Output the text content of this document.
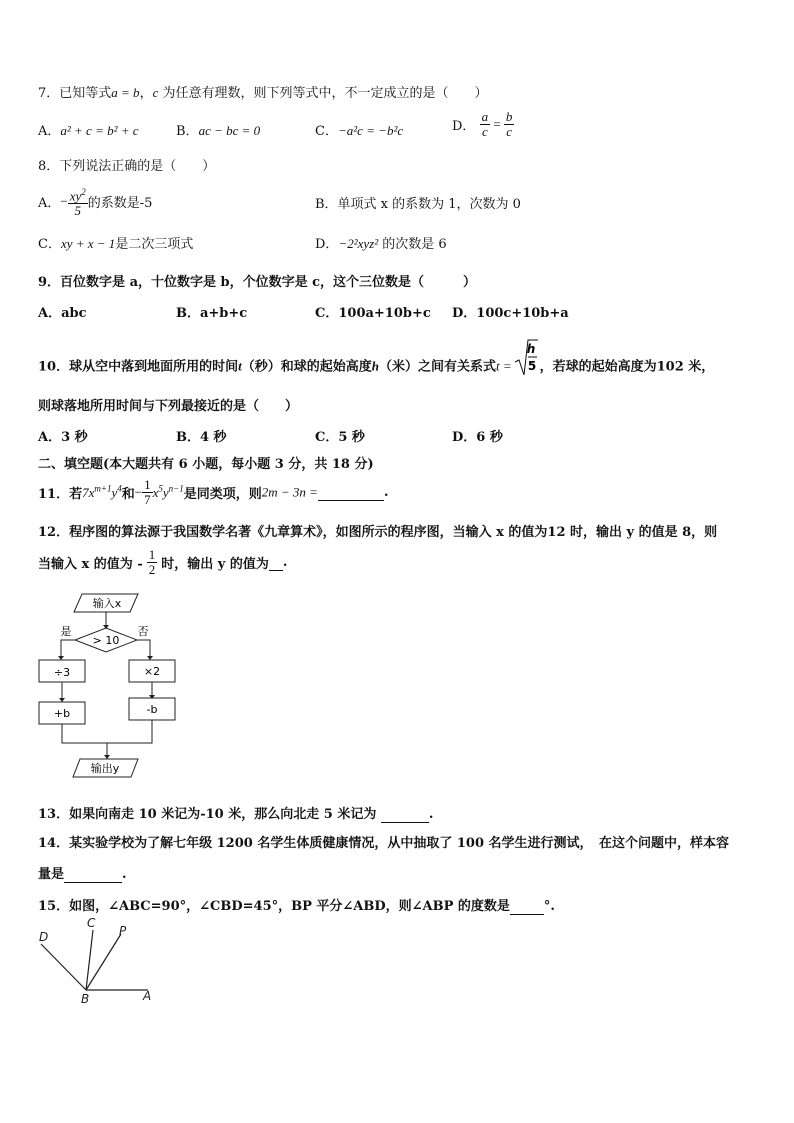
7．已知等式a = b，c 为任意有理数，则下列等式中，不一定成立的是（　　）
A．a² + c = b² + c	B．ac − bc = 0	C．−a²c = −b²c	D． $\frac{a}{c} = \frac{b}{c}$
8．下列说法正确的是（　　）
A．− $\frac{xy^2}{5}$ 的系数是-5	B．单项式 x 的系数为 1，次数为 0
C．xy + x − 1是二次三项式	D．−2²xyz² 的次数是 6
9．百位数字是 a，十位数字是 b，个位数字是 c，这个三位数是（　　　）
A．abc	B．a+b+c	C．100a+10b+c D．100c+10b+a
10．球从空中落到地面所用的时间t（秒）和球的起始高度h（米）之间有关系式t =
h
5 ，若球的起始高度为102 米，
则球落地所用时间与下列最接近的是（　　）
A．3 秒	B．4 秒	C．5 秒	D．6 秒
二、填空题(本大题共有 6 小题，每小题 3 分，共 18 分)
11．若$7x^{m+1}y^4$和− $\frac{1}{7} x^5y^{n-1}$是同类项，则2m − 3n =	.
12．程序图的算法源于我国数学名著《九章算术》，如图所示的程序图，当输入 x 的值为12 时，输出 y 的值是 8，则
当输入 x 的值为 - $\frac{1}{2}$ 时，输出 y 的值为 .
输入x
> 10
是	否
÷3	×2
+b	-b
输出y
13．如果向南走 10 米记为-10 米，那么向北走 5 米记为	.
14．某实验学校为了解七年级 1200 名学生体质健康情况，从中抽取了 100 名学生进行测试，　在这个问题中，样本容
量是	.
15．如图，∠ABC=90°，∠CBD=45°，BP 平分∠ABD，则∠ABP 的度数是	°.
C
P
D
B	A
